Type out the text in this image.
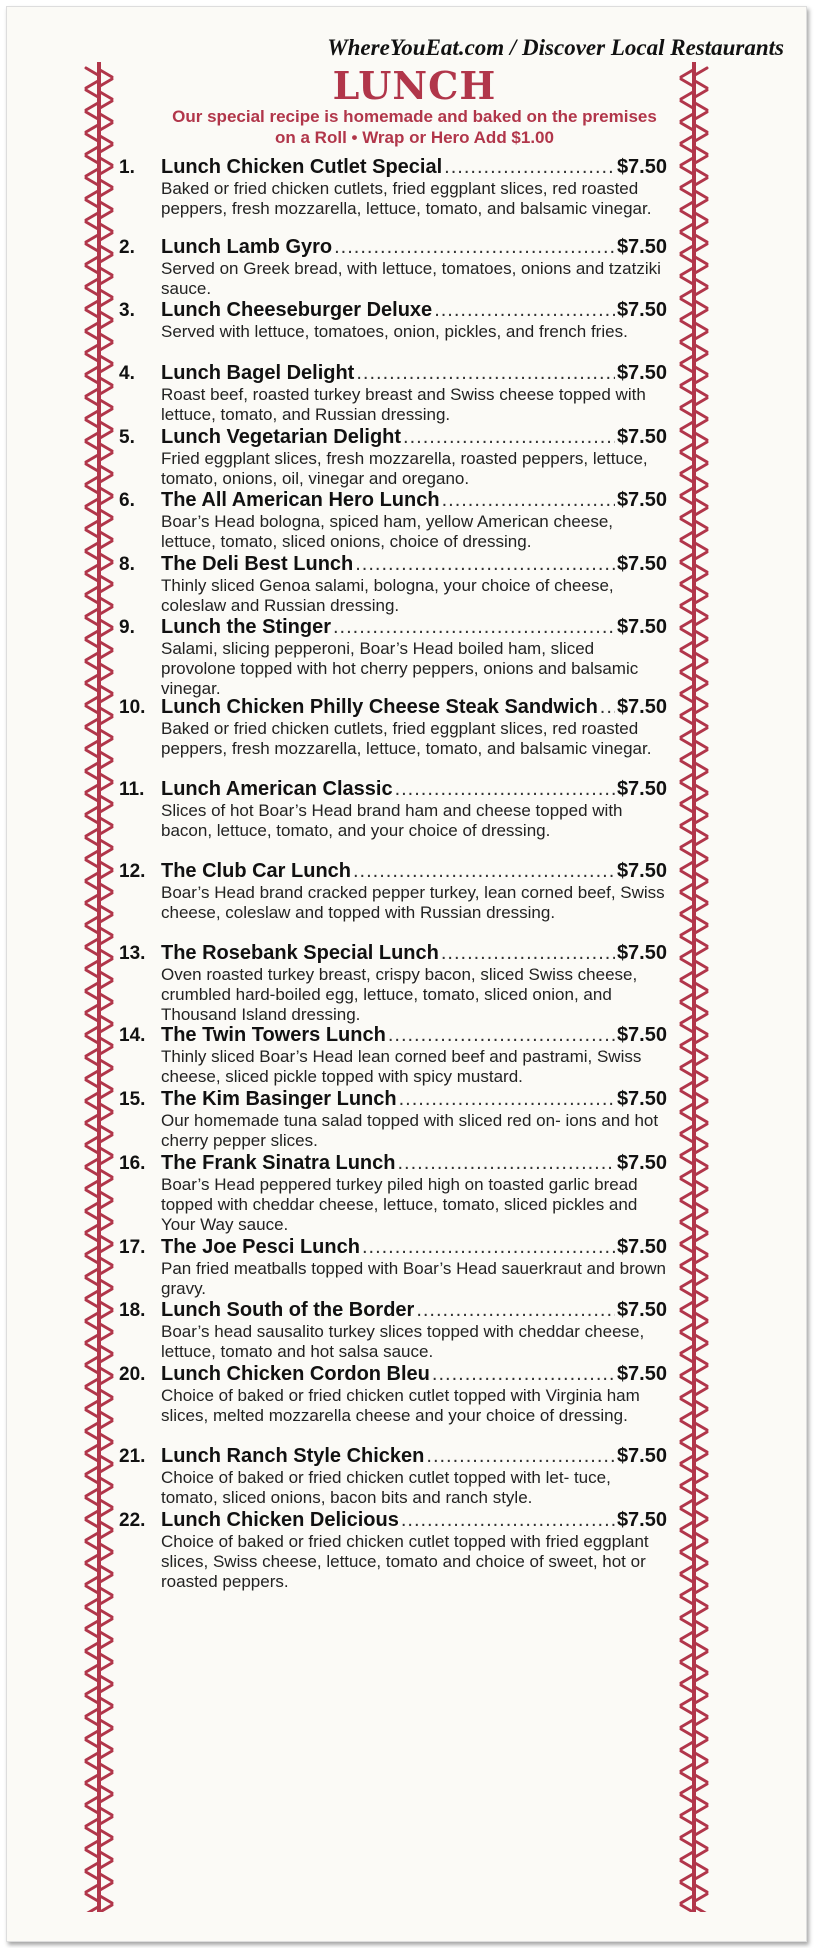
WhereYouEat.com / Discover Local Restaurants
LUNCH
Our special recipe is homemade and baked on the premises
on a Roll • Wrap or Hero Add $1.00
1.	Lunch Chicken Cutlet Special .....	$7.50
Baked or fried chicken cutlets, fried eggplant slices, red roasted peppers, fresh mozzarella, lettuce, tomato, and balsamic vinegar.
2.	Lunch Lamb Gyro .....	$7.50
Served on Greek bread, with lettuce, tomatoes, onions and tzatziki sauce.
3.	Lunch Cheeseburger Deluxe .....	$7.50
Served with lettuce, tomatoes, onion, pickles, and french fries.
4.	Lunch Bagel Delight .....	$7.50
Roast beef, roasted turkey breast and Swiss cheese topped with lettuce, tomato, and Russian dressing.
5.	Lunch Vegetarian Delight .....	$7.50
Fried eggplant slices, fresh mozzarella, roasted peppers, lettuce, tomato, onions, oil, vinegar and oregano.
6.	The All American Hero Lunch .....	$7.50
Boar’s Head bologna, spiced ham, yellow American cheese, lettuce, tomato, sliced onions, choice of dressing.
8.	The Deli Best Lunch .....	$7.50
Thinly sliced Genoa salami, bologna, your choice of cheese, coleslaw and Russian dressing.
9.	Lunch the Stinger .....	$7.50
Salami, slicing pepperoni, Boar’s Head boiled ham, sliced provolone topped with hot cherry peppers, onions and balsamic vinegar.
10. Lunch Chicken Philly Cheese Steak Sandwich ..... $7.50
Baked or fried chicken cutlets, fried eggplant slices, red roasted peppers, fresh mozzarella, lettuce, tomato, and balsamic vinegar.
11. Lunch American Classic .....	$7.50
Slices of hot Boar’s Head brand ham and cheese topped with bacon, lettuce, tomato, and your choice of dressing.
12. The Club Car Lunch .....	$7.50
Boar’s Head brand cracked pepper turkey, lean corned beef, Swiss cheese, coleslaw and topped with Russian dressing.
13. The Rosebank Special Lunch .....	$7.50
Oven roasted turkey breast, crispy bacon, sliced Swiss cheese, crumbled hard-boiled egg, lettuce, tomato, sliced onion, and Thousand Island dressing.
14. The Twin Towers Lunch .....	$7.50
Thinly sliced Boar’s Head lean corned beef and pastrami, Swiss cheese, sliced pickle topped with spicy mustard.
15. The Kim Basinger Lunch .....	$7.50
Our homemade tuna salad topped with sliced red on- ions and hot cherry pepper slices.
16. The Frank Sinatra Lunch .....	$7.50
Boar’s Head peppered turkey piled high on toasted garlic bread topped with cheddar cheese, lettuce, tomato, sliced pickles and Your Way sauce.
17. The Joe Pesci Lunch .....	$7.50
Pan fried meatballs topped with Boar’s Head sauerkraut and brown gravy.
18. Lunch South of the Border .....	$7.50
Boar’s head sausalito turkey slices topped with cheddar cheese, lettuce, tomato and hot salsa sauce.
20. Lunch Chicken Cordon Bleu .....	$7.50
Choice of baked or fried chicken cutlet topped with Virginia ham slices, melted mozzarella cheese and your choice of dressing.
21. Lunch Ranch Style Chicken .....	$7.50
Choice of baked or fried chicken cutlet topped with let- tuce, tomato, sliced onions, bacon bits and ranch style.
22. Lunch Chicken Delicious .....	$7.50
Choice of baked or fried chicken cutlet topped with fried eggplant slices, Swiss cheese, lettuce, tomato and choice of sweet, hot or roasted peppers.
